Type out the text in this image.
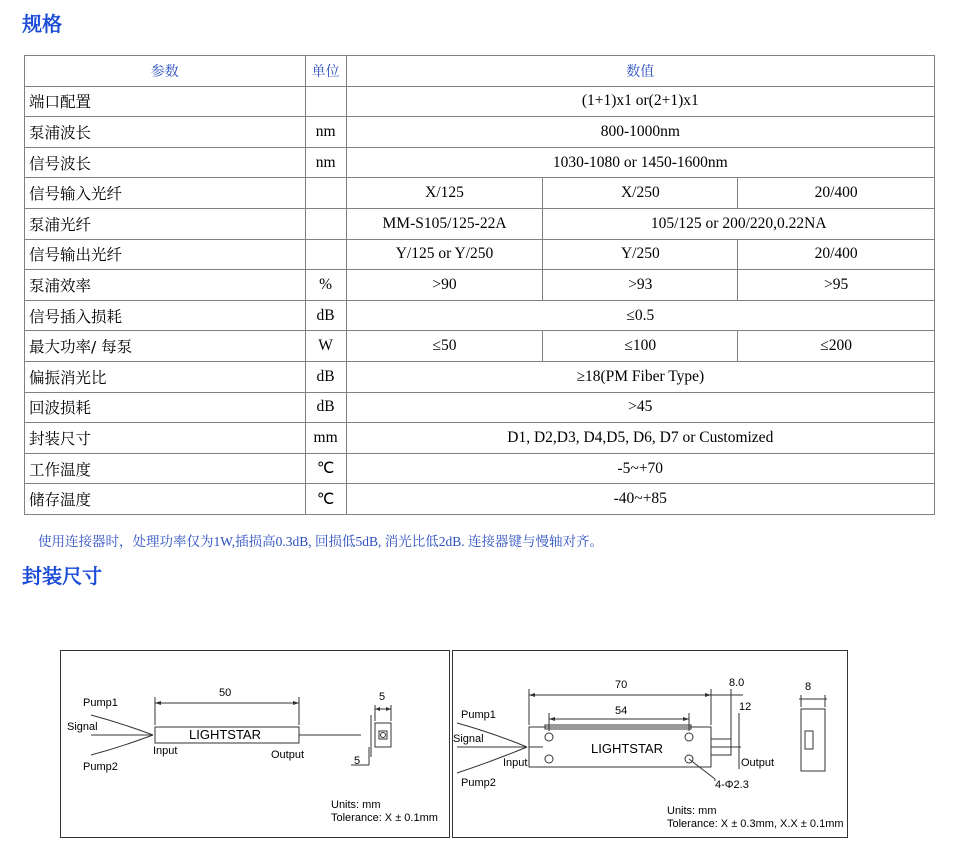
规格
参数	单位	数值		
端口配置		(1+1)x1 or(2+1)x1		
泵浦波长	nm	800-1000nm		
信号波长	nm	1030-1080 or 1450-1600nm		
信号输入光纤		X/125	X/250	20/400
泵浦光纤		MM-S105/125-22A	105/125 or 200/220,0.22NA	
信号输出光纤		Y/125 or Y/250	Y/250	20/400
泵浦效率	%	>90	>93	>95
信号插入损耗	dB	≤0.5		
最大功率/ 每泵	W	≤50	≤100	≤200
偏振消光比	dB	≥18(PM Fiber Type)		
回波损耗	dB	>45		
封装尺寸	mm	D1, D2,D3, D4,D5, D6, D7 or Customized		
工作温度	℃	-5~+70		
储存温度	℃	-40~+85		
使用连接器时，处理功率仅为1W,插损高0.3dB, 回损低5dB, 消光比低2dB. 连接器键与慢轴对齐。
封装尺寸
50	5
5
Pump1
Signal
Pump2
LIGHTSTAR
Input	Output
Units: mm
Tolerance: X ± 0.1mm
70
54
8.0
12
8
Pump1
Signal
Pump2
LIGHTSTAR
Input	Output
4-Φ2.3
Units: mm
Tolerance: X ± 0.3mm, X.X ± 0.1mm
